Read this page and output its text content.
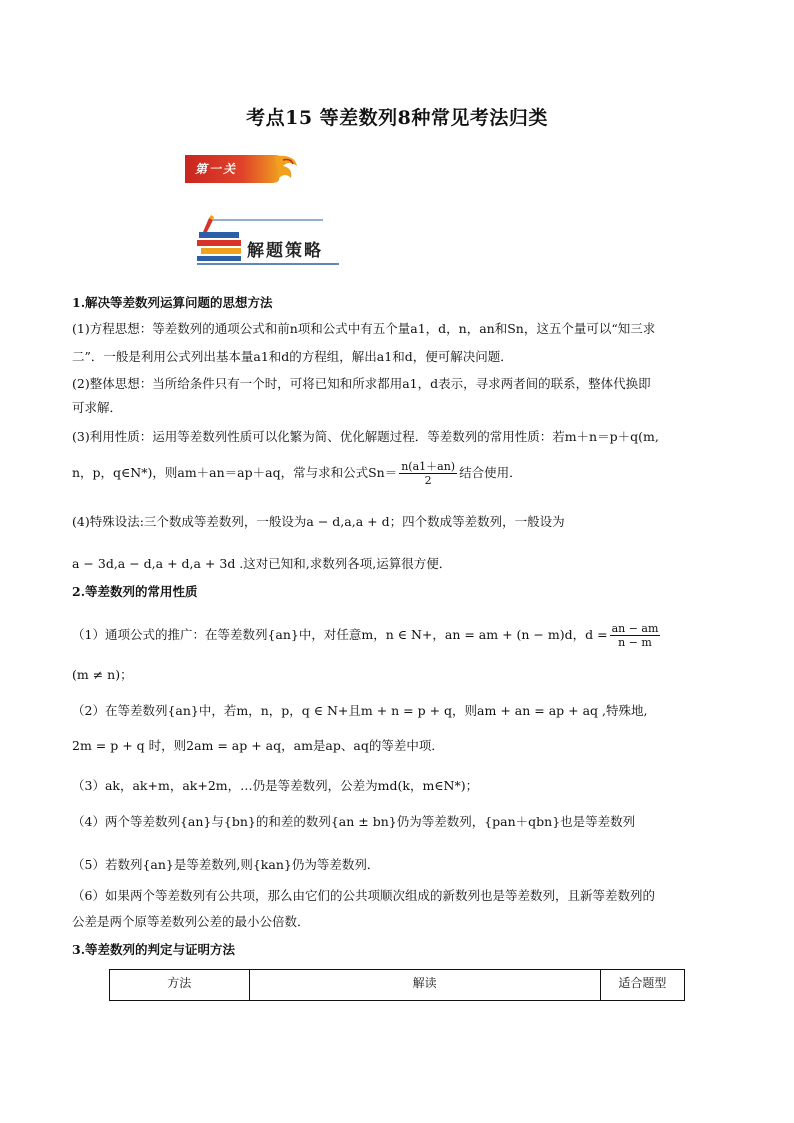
考点15 等差数列8种常见考法归类
第一关
解题策略
1.解决等差数列运算问题的思想方法
(1)方程思想：等差数列的通项公式和前n项和公式中有五个量a1，d，n，an和Sn，这五个量可以“知三求
二”．一般是利用公式列出基本量a1和d的方程组，解出a1和d，便可解决问题．
(2)整体思想：当所给条件只有一个时，可将已知和所求都用a1，d表示，寻求两者间的联系，整体代换即
可求解．
(3)利用性质：运用等差数列性质可以化繁为简、优化解题过程．等差数列的常用性质：若m＋n＝p＋q(m,
n，p，q∈N*)，则am＋an＝ap＋aq，常与求和公式$Sn= \frac{n(a1+an)}{2}$ 结合使用．
(4)特殊设法:三个数成等差数列，一般设为a − d,a,a + d；四个数成等差数列，一般设为
a − 3d,a − d,a + d,a + 3d .这对已知和,求数列各项,运算很方便．
2.等差数列的常用性质
（1）通项公式的推广：在等差数列{an}中，对任意m，n ∈ N+，an = am + (n − m)d，$d = \frac{an - am}{n - m}$
(m ≠ n)；
（2）在等差数列{an}中，若m，n，p，q ∈ N+且m + n = p + q，则am + an = ap + aq ,特殊地,
2m = p + q 时，则2am = ap + aq，am是ap、aq的等差中项．
（3）ak，ak+m，ak+2m，…仍是等差数列，公差为md(k，m∈N*)；
（4）两个等差数列{an}与{bn}的和差的数列{an ± bn}仍为等差数列，{pan＋qbn}也是等差数列
（5）若数列{an}是等差数列,则{kan}仍为等差数列．
（6）如果两个等差数列有公共项，那么由它们的公共项顺次组成的新数列也是等差数列，且新等差数列的
公差是两个原等差数列公差的最小公倍数．
3.等差数列的判定与证明方法
方法	解读	适合题型
